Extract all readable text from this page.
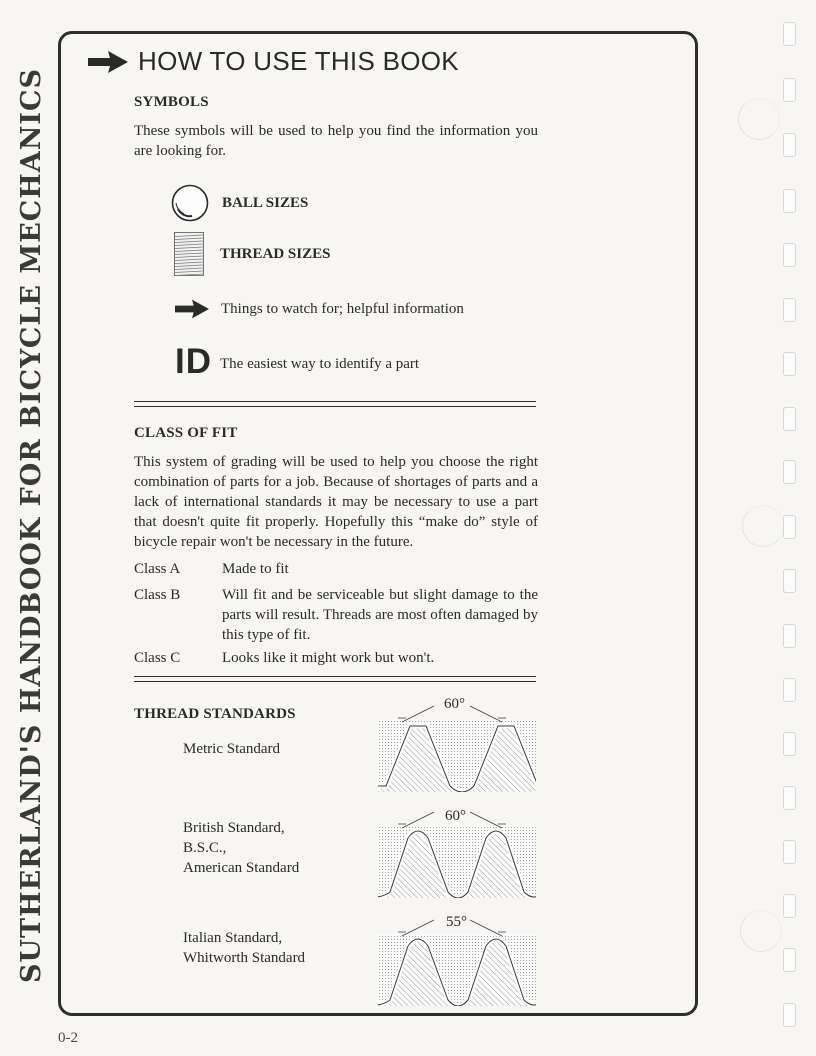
SUTHERLAND'S HANDBOOK FOR BICYCLE MECHANICS
HOW TO USE THIS BOOK
SYMBOLS
These symbols will be used to help you find the information you are looking for.
BALL SIZES
THREAD SIZES
Things to watch for; helpful information
ID The easiest way to identify a part
CLASS OF FIT
This system of grading will be used to help you choose the right combination of parts for a job. Because of shortages of parts and a lack of international standards it may be necessary to use a part that doesn't quite fit properly. Hopefully this “make do” style of bicycle repair won't be necessary in the future.
Class A	Made to fit
Class B	Will fit and be serviceable but slight damage to the parts will result. Threads are most often damaged by this type of fit.
Class C	Looks like it might work but won't.
THREAD STANDARDS
Metric Standard
British Standard,
B.S.C.,
American Standard
Italian Standard,
Whitworth Standard
60°
60°
55°
0-2
